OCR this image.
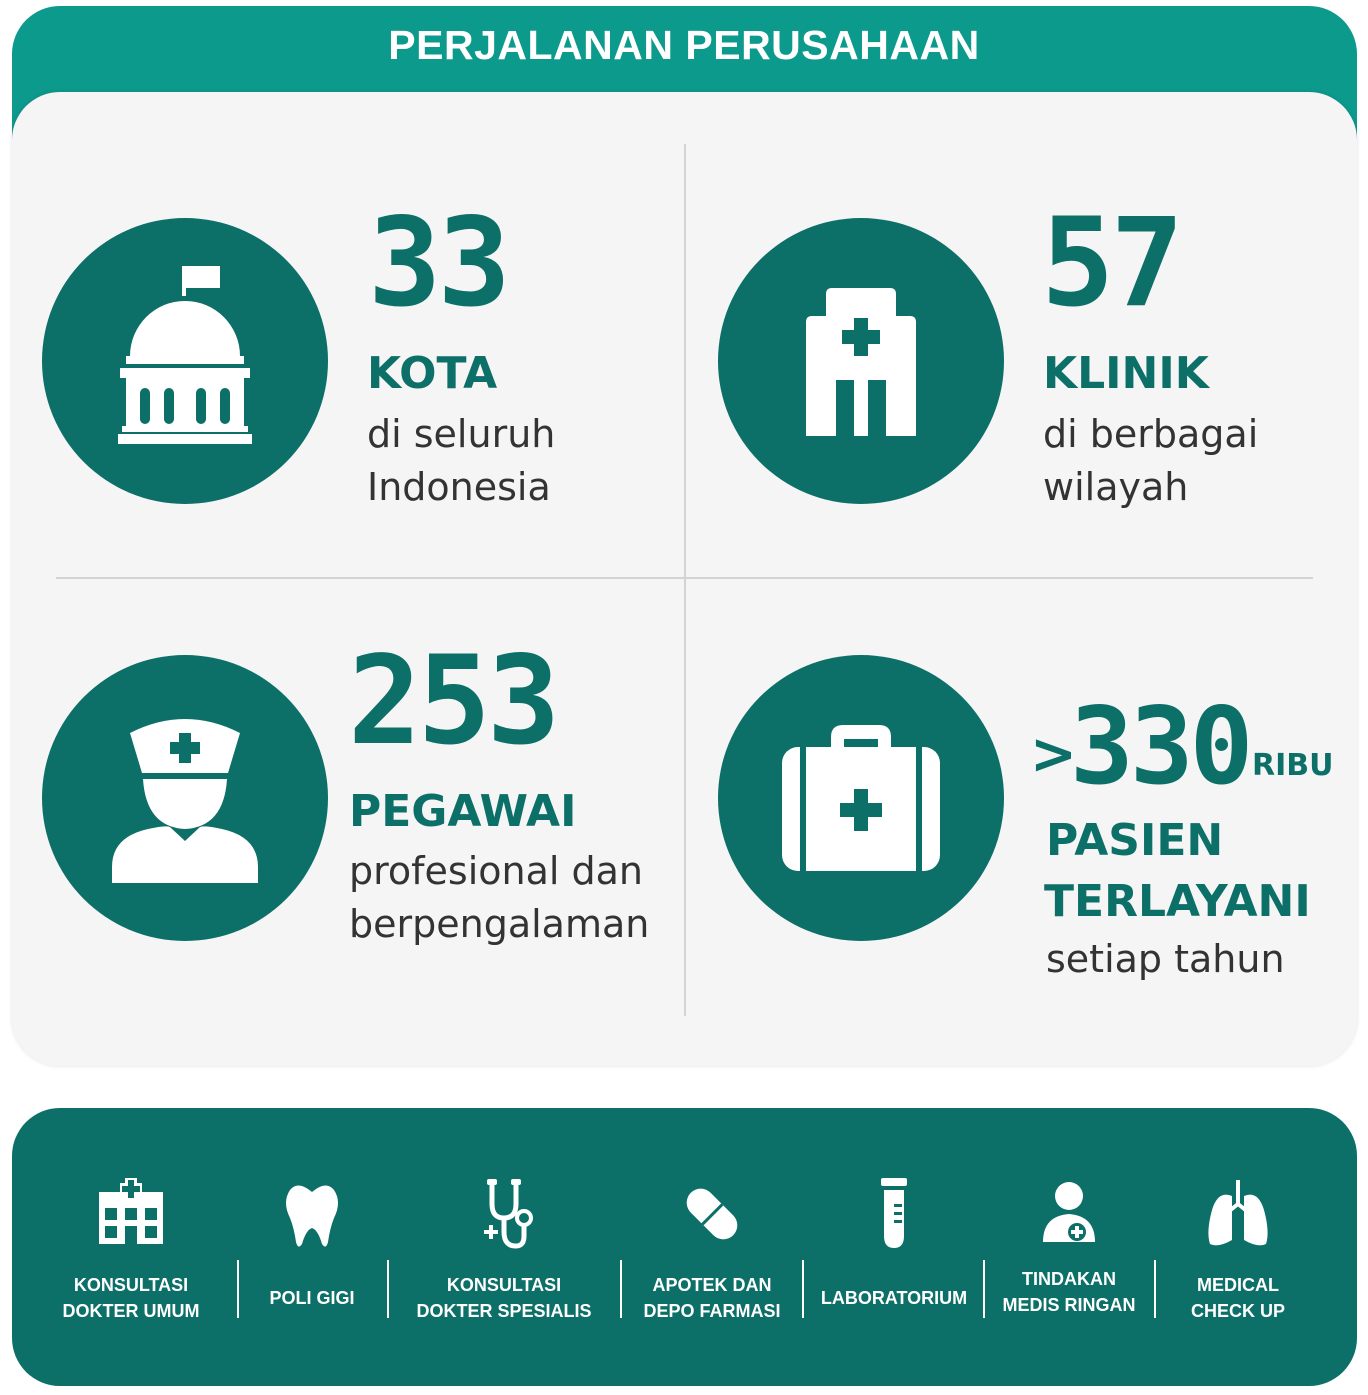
PERJALANAN PERUSAHAAN
33
KOTA
di seluruh
Indonesia
57
KLINIK
di berbagai
wilayah
253
PEGAWAI
profesional dan
berpengalaman
>
330 RIBU
PASIEN
TERLAYANI
setiap tahun
KONSULTASI
DOKTER UMUM
POLI GIGI
KONSULTASI
DOKTER SPESIALIS
APOTEK DAN
DEPO FARMASI
LABORATORIUM
TINDAKAN
MEDIS RINGAN
MEDICAL
CHECK UP
